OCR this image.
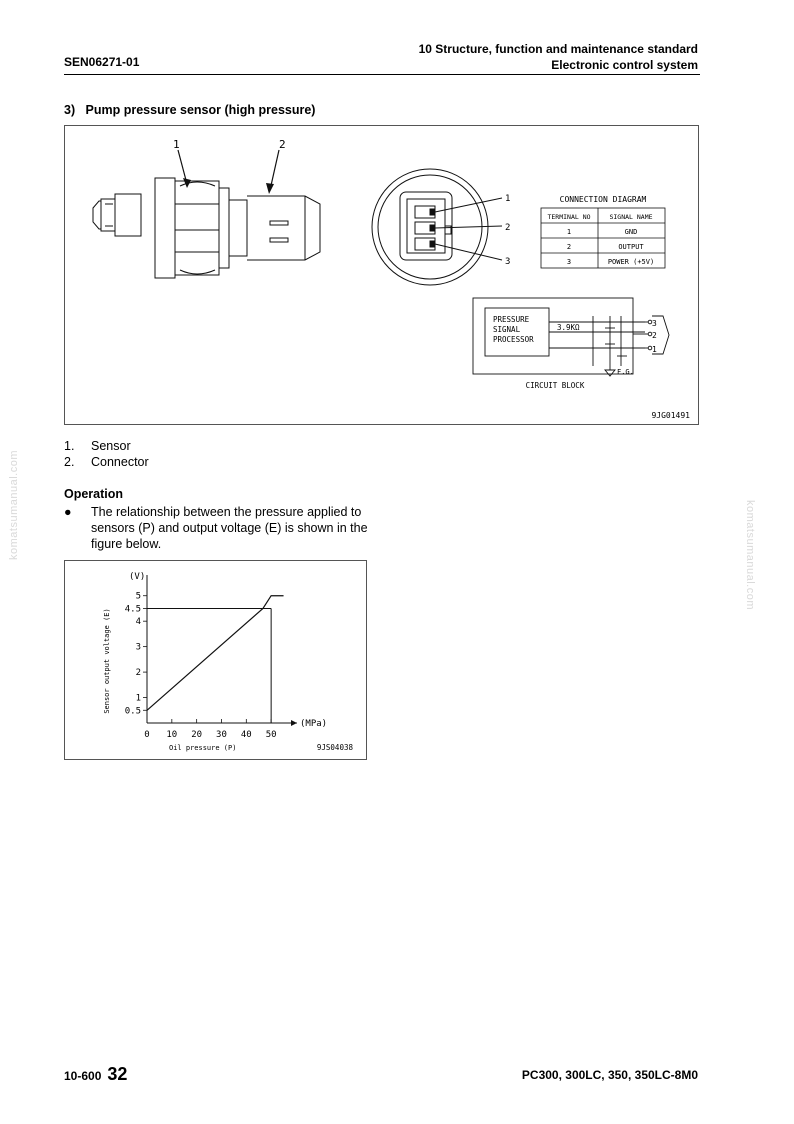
SEN06271-01
10 Structure, function and maintenance standard
Electronic control system
3)   Pump pressure sensor (high pressure)
1	2
1
2
3
CONNECTION DIAGRAM
TERMINAL NO	SIGNAL NAME
1	GND
2	OUTPUT
3	POWER (+5V)
PRESSURE
SIGNAL
PROCESSOR
3.9KΩ	3
2
1
F.G.
CIRCUIT BLOCK
9JG01491
1. Sensor
2. Connector
Operation
●	The relationship between the pressure applied to sensors (P) and output voltage (E) is shown in the figure below.
0 10 20 30 40 50
0.5
1
2
3
4
4.5
5
(V)
(MPa)
Oil pressure (P)
Sensor output voltage (E)
9JS04038
10-600 32	PC300, 300LC, 350, 350LC-8M0
komatsumanual.com	komatsumanual.com
